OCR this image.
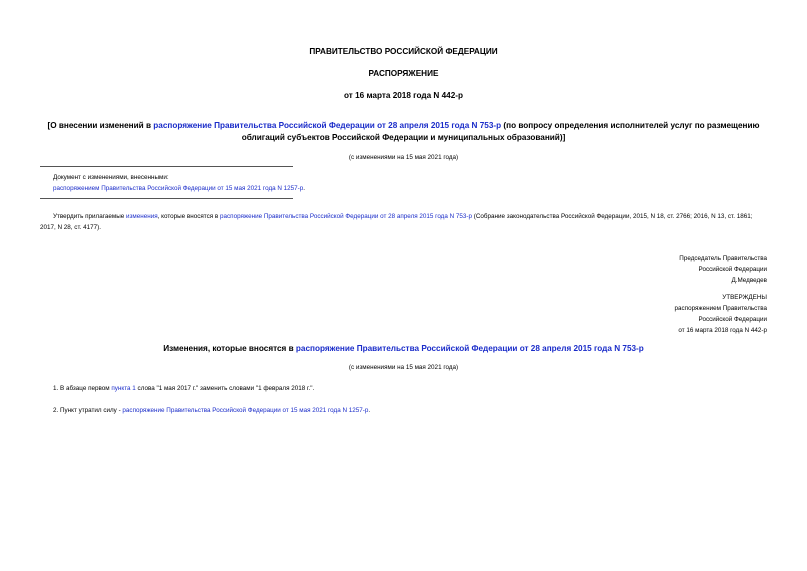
ПРАВИТЕЛЬСТВО РОССИЙСКОЙ ФЕДЕРАЦИИ
РАСПОРЯЖЕНИЕ
от 16 марта 2018 года N 442-р
[О внесении изменений в распоряжение Правительства Российской Федерации от 28 апреля 2015 года N 753-р (по вопросу определения исполнителей услуг по размещению облигаций субъектов Российской Федерации и муниципальных образований)]
(с изменениями на 15 мая 2021 года)
Документ с изменениями, внесенными:
распоряжением Правительства Российской Федерации от 15 мая 2021 года N 1257-р.
Утвердить прилагаемые изменения, которые вносятся в распоряжение Правительства Российской Федерации от 28 апреля 2015 года N 753-р (Собрание законодательства Российской Федерации, 2015, N 18, ст. 2766; 2016, N 13, ст. 1861; 2017, N 28, ст. 4177).
Председатель Правительства
Российской Федерации
Д.Медведев
УТВЕРЖДЕНЫ
распоряжением Правительства
Российской Федерации
от 16 марта 2018 года N 442-р
Изменения, которые вносятся в распоряжение Правительства Российской Федерации от 28 апреля 2015 года N 753-р
(с изменениями на 15 мая 2021 года)
1. В абзаце первом пункта 1 слова "1 мая 2017 г." заменить словами "1 февраля 2018 г.".
2. Пункт утратил силу - распоряжение Правительства Российской Федерации от 15 мая 2021 года N 1257-р.
